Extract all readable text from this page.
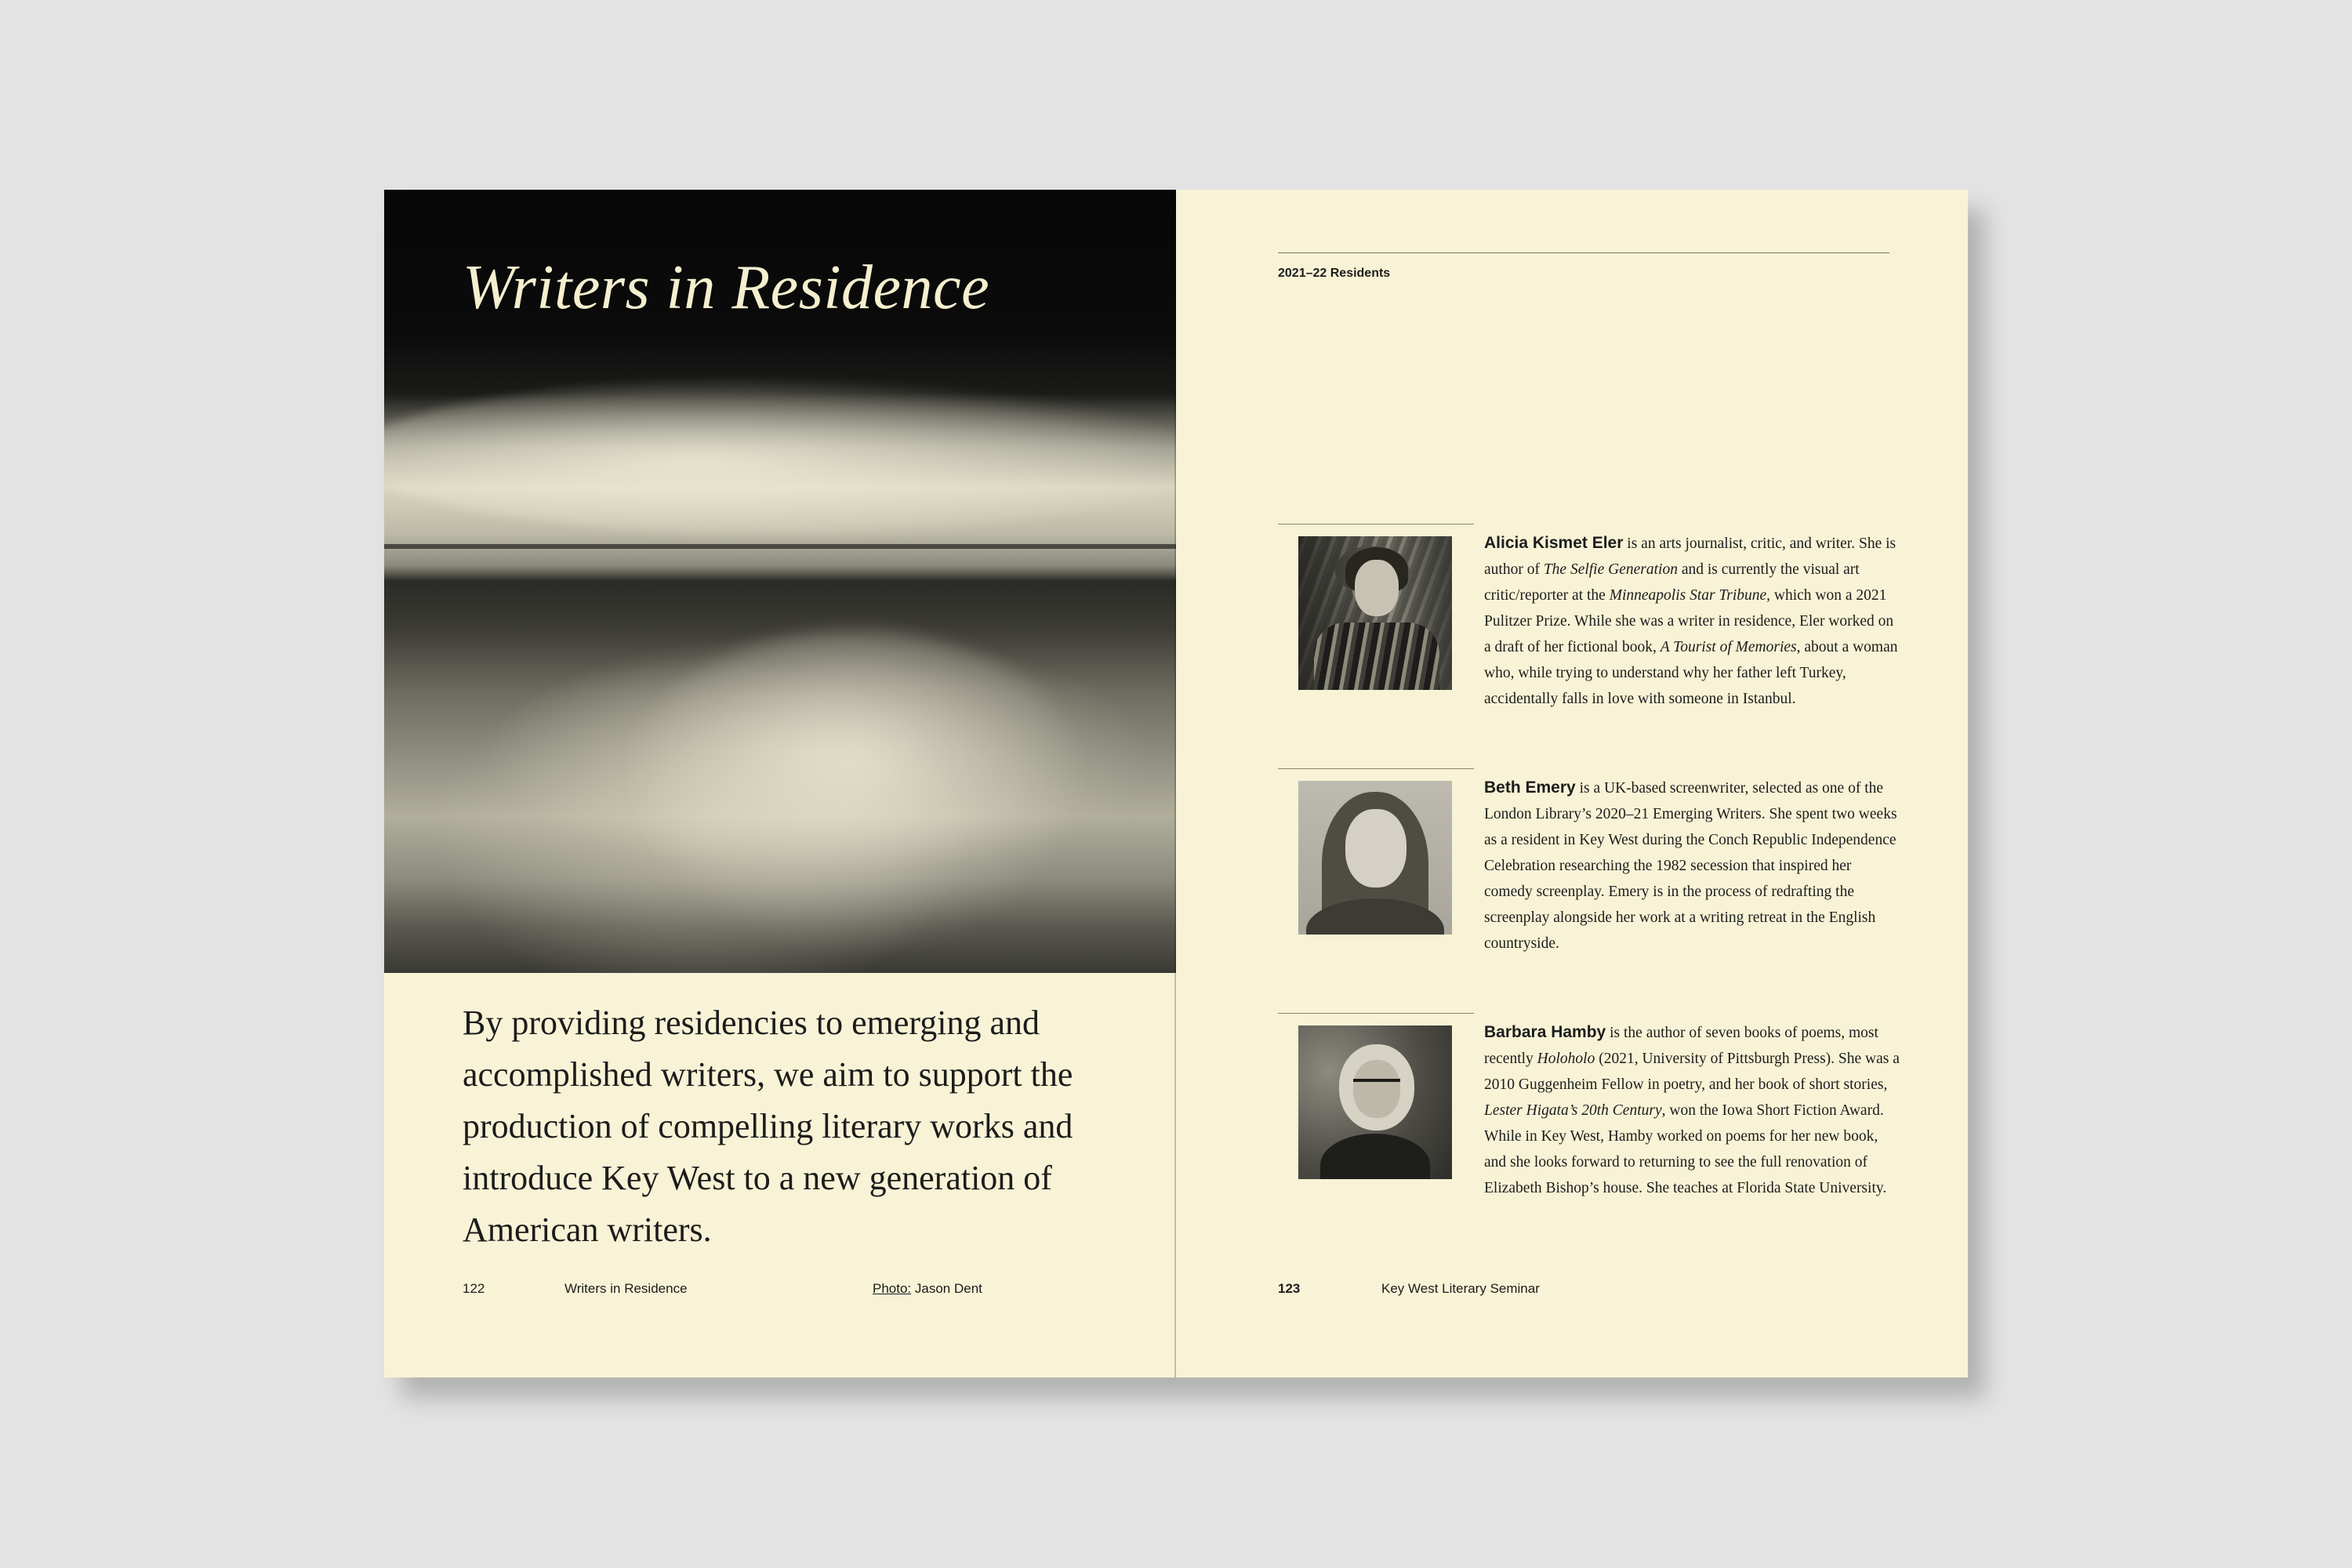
Writers in Residence

By providing residencies to emerging and accomplished writers, we aim to support the production of compelling literary works and introduce Key West to a new generation of American writers.

122	Writers in Residence	Photo: Jason Dent
2021–22 Residents

Alicia Kismet Eler is an arts journalist, critic, and writer. She is author of The Selfie Generation and is currently the visual art critic/reporter at the Minneapolis Star Tribune, which won a 2021 Pulitzer Prize. While she was a writer in residence, Eler worked on a draft of her fictional book, A Tourist of Memories, about a woman who, while trying to understand why her father left Turkey, accidentally falls in love with someone in Istanbul.

Beth Emery is a UK-based screenwriter, selected as one of the London Library’s 2020–21 Emerging Writers. She spent two weeks as a resident in Key West during the Conch Republic Independence Celebration researching the 1982 secession that inspired her comedy screenplay. Emery is in the process of redrafting the screenplay alongside her work at a writing retreat in the English countryside.

Barbara Hamby is the author of seven books of poems, most recently Holoholo (2021, University of Pittsburgh Press). She was a 2010 Guggenheim Fellow in poetry, and her book of short stories, Lester Higata’s 20th Century, won the Iowa Short Fiction Award. While in Key West, Hamby worked on poems for her new book, and she looks forward to returning to see the full renovation of Elizabeth Bishop’s house. She teaches at Florida State University.

123	Key West Literary Seminar
